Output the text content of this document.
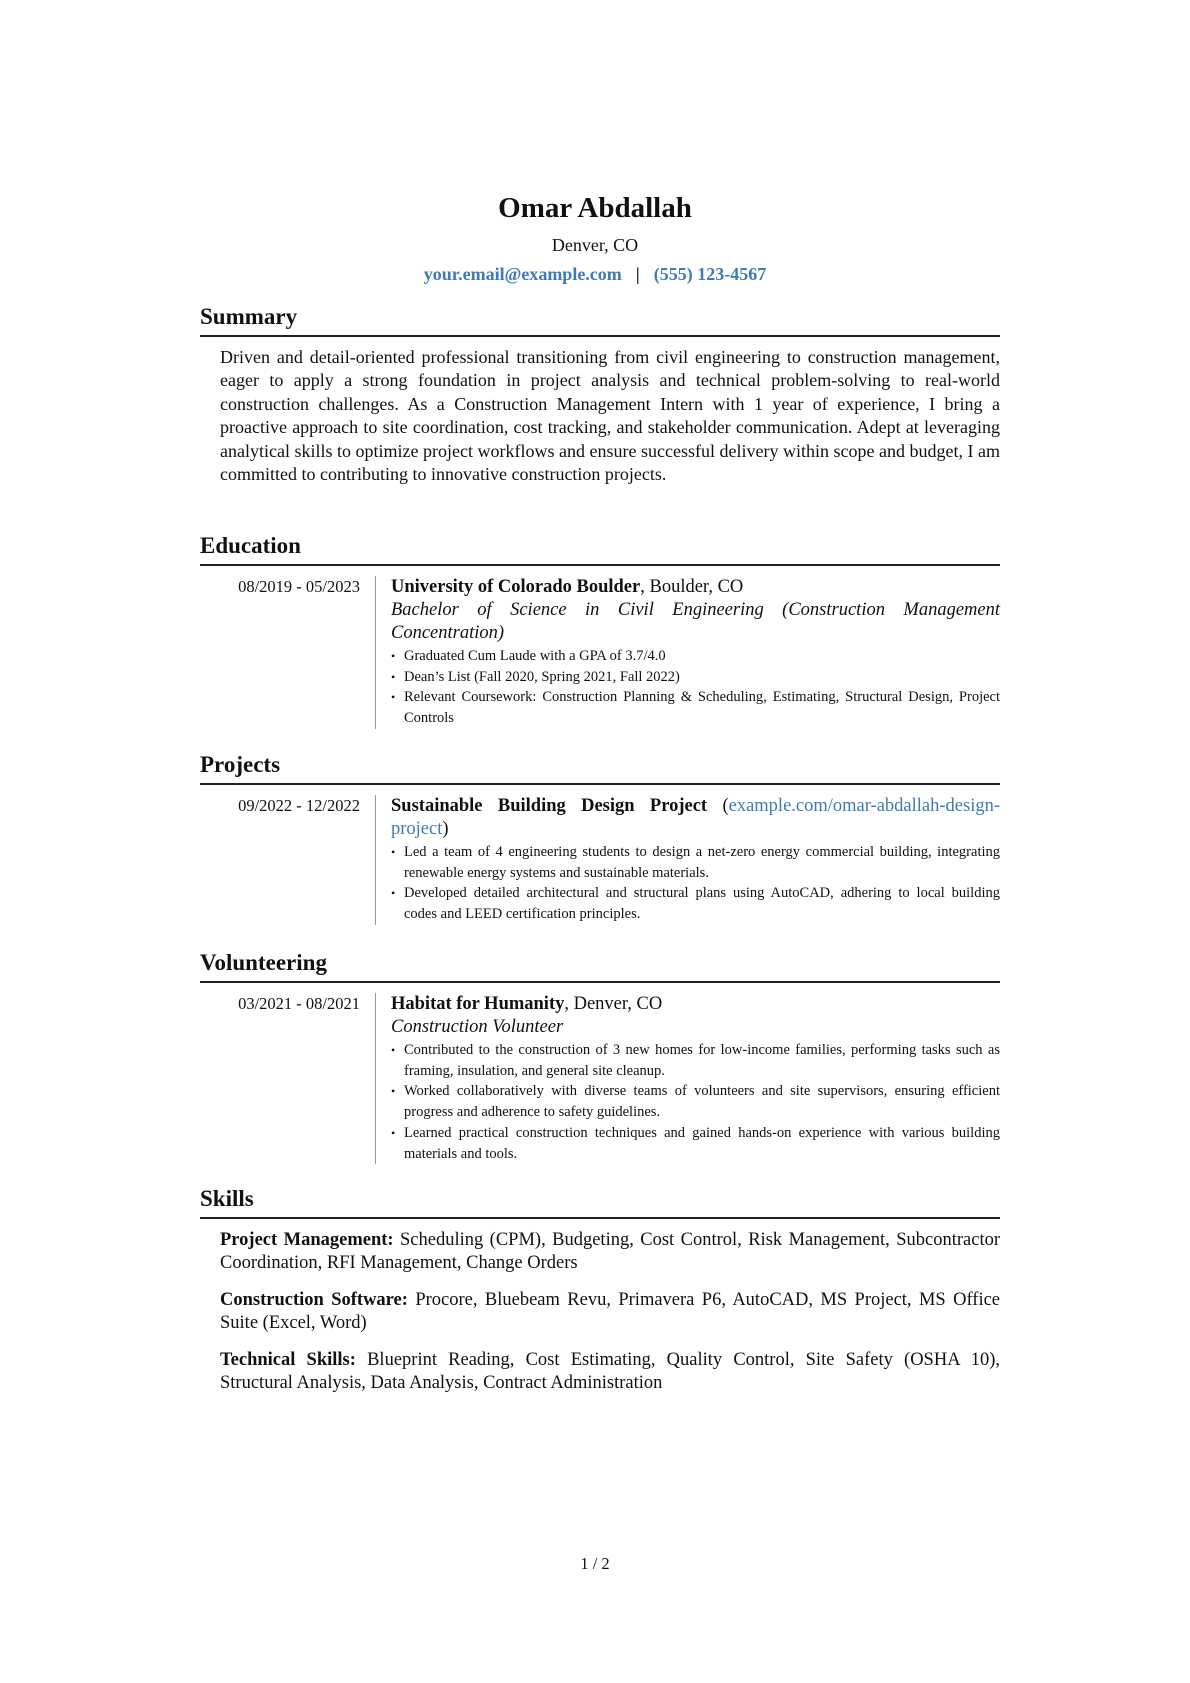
Omar Abdallah
Denver, CO
your.email@example.com | (555) 123-4567
Summary
Driven and detail-oriented professional transitioning from civil engineering to construction management, eager to apply a strong foundation in project analysis and technical problem-solving to real-world construction challenges. As a Construction Management Intern with 1 year of experience, I bring a proactive approach to site coordination, cost tracking, and stakeholder communication. Adept at leveraging analytical skills to optimize project workflows and ensure successful delivery within scope and budget, I am committed to contributing to innovative construction projects.
Education
08/2019 - 05/2023	University of Colorado Boulder, Boulder, CO
Bachelor of Science in Civil Engineering (Construction Management Concentration)
• Graduated Cum Laude with a GPA of 3.7/4.0
• Dean’s List (Fall 2020, Spring 2021, Fall 2022)
• Relevant Coursework: Construction Planning & Scheduling, Estimating, Structural Design, Project Controls
Projects
09/2022 - 12/2022	Sustainable Building Design Project (example.com/omar-abdallah-design-project)
• Led a team of 4 engineering students to design a net-zero energy commercial building, integrating renewable energy systems and sustainable materials.
• Developed detailed architectural and structural plans using AutoCAD, adhering to local building codes and LEED certification principles.
Volunteering
03/2021 - 08/2021	Habitat for Humanity, Denver, CO
Construction Volunteer
• Contributed to the construction of 3 new homes for low-income families, performing tasks such as framing, insulation, and general site cleanup.
• Worked collaboratively with diverse teams of volunteers and site supervisors, ensuring efficient progress and adherence to safety guidelines.
• Learned practical construction techniques and gained hands-on experience with various building materials and tools.
Skills
Project Management: Scheduling (CPM), Budgeting, Cost Control, Risk Management, Subcontractor Coordination, RFI Management, Change Orders
Construction Software: Procore, Bluebeam Revu, Primavera P6, AutoCAD, MS Project, MS Office Suite (Excel, Word)
Technical Skills: Blueprint Reading, Cost Estimating, Quality Control, Site Safety (OSHA 10), Structural Analysis, Data Analysis, Contract Administration
1 / 2
